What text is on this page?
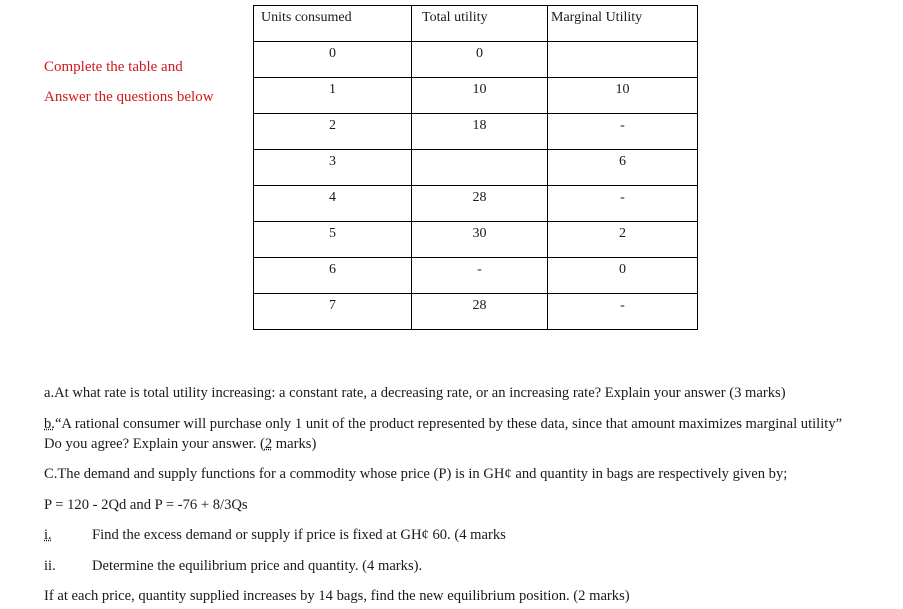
Complete the table and
Answer the questions below
Units consumed	Total utility	Marginal Utility
0	0	
1	10	10
2	18	-
3		6
4	28	-
5	30	2
6	-	0
7	28	-
a.At what rate is total utility increasing: a constant rate, a decreasing rate, or an increasing rate? Explain your answer (3 marks)
b.“A rational consumer will purchase only 1 unit of the product represented by these data, since that amount maximizes marginal utility”
Do you agree? Explain your answer. (2 marks)
C.The demand and supply functions for a commodity whose price (P) is in GH¢ and quantity in bags are respectively given by;
P = 120 - 2Qd and P = -76 + 8/3Qs
i.	Find the excess demand or supply if price is fixed at GH¢ 60. (4 marks
ii. Determine the equilibrium price and quantity. (4 marks).
If at each price, quantity supplied increases by 14 bags, find the new equilibrium position. (2 marks)
